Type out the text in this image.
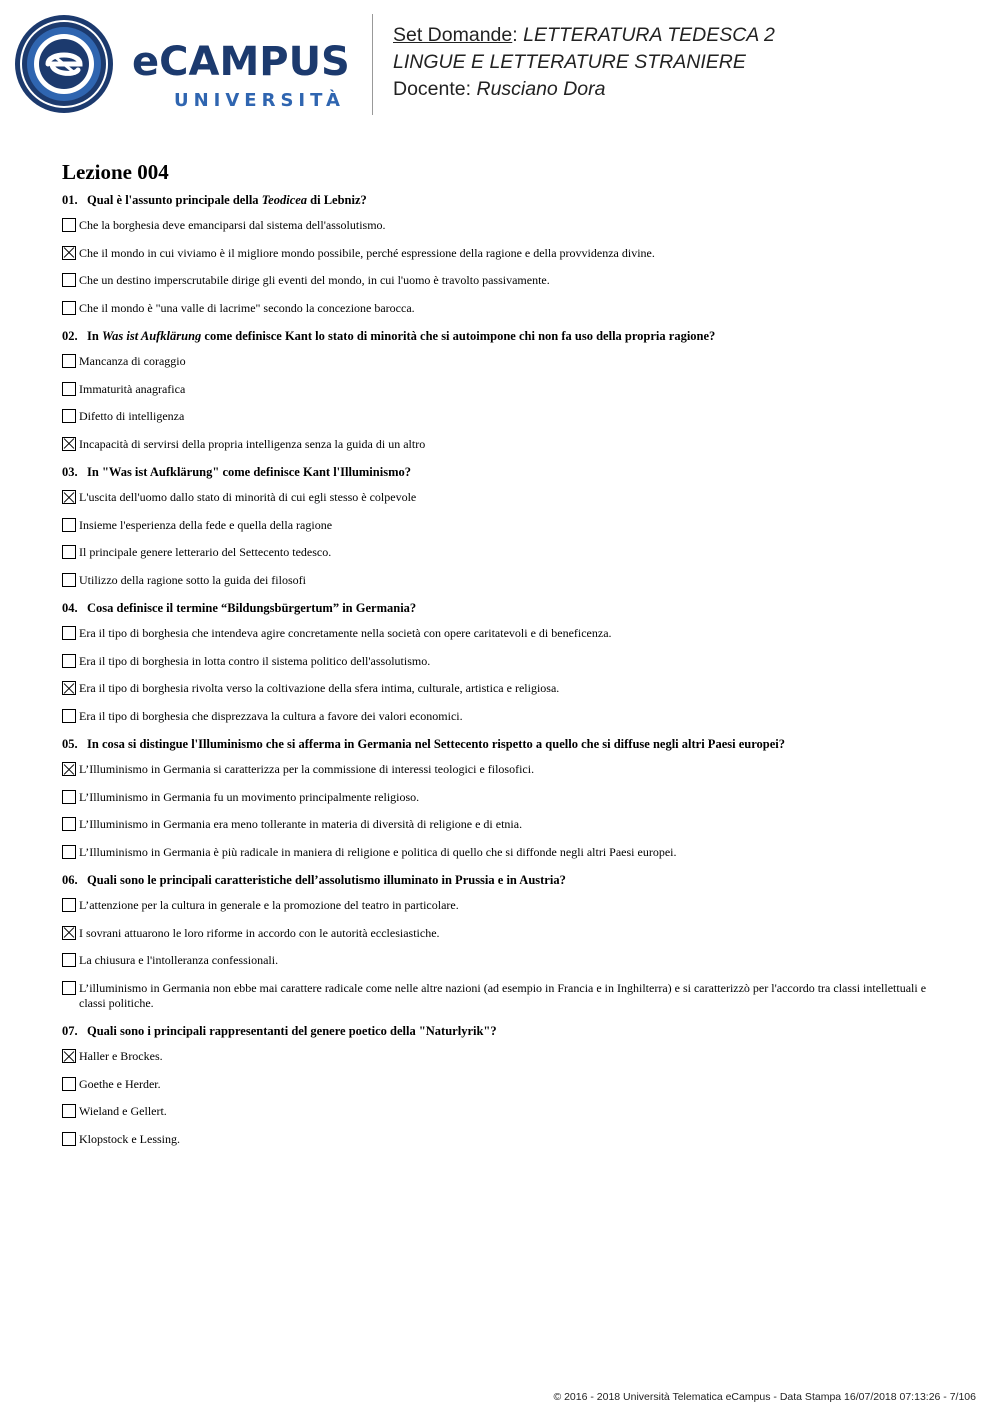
eCAMPUS
UNIVERSITÀ
Set Domande: LETTERATURA TEDESCA 2
LINGUE E LETTERATURE STRANIERE
Docente: Rusciano Dora
Lezione 004
01. Qual è l'assunto principale della Teodicea di Lebniz?
Che la borghesia deve emanciparsi dal sistema dell'assolutismo.
Che il mondo in cui viviamo è il migliore mondo possibile, perché espressione della ragione e della provvidenza divine.
Che un destino imperscrutabile dirige gli eventi del mondo, in cui l'uomo è travolto passivamente.
Che il mondo è "una valle di lacrime" secondo la concezione barocca.
02. In Was ist Aufklärung come definisce Kant lo stato di minorità che si autoimpone chi non fa uso della propria ragione?
Mancanza di coraggio
Immaturità anagrafica
Difetto di intelligenza
Incapacità di servirsi della propria intelligenza senza la guida di un altro
03. In "Was ist Aufklärung" come definisce Kant l'Illuminismo?
L'uscita dell'uomo dallo stato di minorità di cui egli stesso è colpevole
Insieme l'esperienza della fede e quella della ragione
Il principale genere letterario del Settecento tedesco.
Utilizzo della ragione sotto la guida dei filosofi
04. Cosa definisce il termine “Bildungsbürgertum” in Germania?
Era il tipo di borghesia che intendeva agire concretamente nella società con opere caritatevoli e di beneficenza.
Era il tipo di borghesia in lotta contro il sistema politico dell'assolutismo.
Era il tipo di borghesia rivolta verso la coltivazione della sfera intima, culturale, artistica e religiosa.
Era il tipo di borghesia che disprezzava la cultura a favore dei valori economici.
05. In cosa si distingue l'Illuminismo che si afferma in Germania nel Settecento rispetto a quello che si diffuse negli altri Paesi europei?
L’Illuminismo in Germania si caratterizza per la commissione di interessi teologici e filosofici.
L’Illuminismo in Germania fu un movimento principalmente religioso.
L’Illuminismo in Germania era meno tollerante in materia di diversità di religione e di etnia.
L’Illuminismo in Germania è più radicale in maniera di religione e politica di quello che si diffonde negli altri Paesi europei.
06. Quali sono le principali caratteristiche dell’assolutismo illuminato in Prussia e in Austria?
L’attenzione per la cultura in generale e la promozione del teatro in particolare.
I sovrani attuarono le loro riforme in accordo con le autorità ecclesiastiche.
La chiusura e l'intolleranza confessionali.
L’illuminismo in Germania non ebbe mai carattere radicale come nelle altre nazioni (ad esempio in Francia e in Inghilterra) e si caratterizzò per l'accordo tra classi intellettuali e classi politiche.
07. Quali sono i principali rappresentanti del genere poetico della "Naturlyrik"?
Haller e Brockes.
Goethe e Herder.
Wieland e Gellert.
Klopstock e Lessing.
© 2016 - 2018 Università Telematica eCampus - Data Stampa 16/07/2018 07:13:26 - 7/106
